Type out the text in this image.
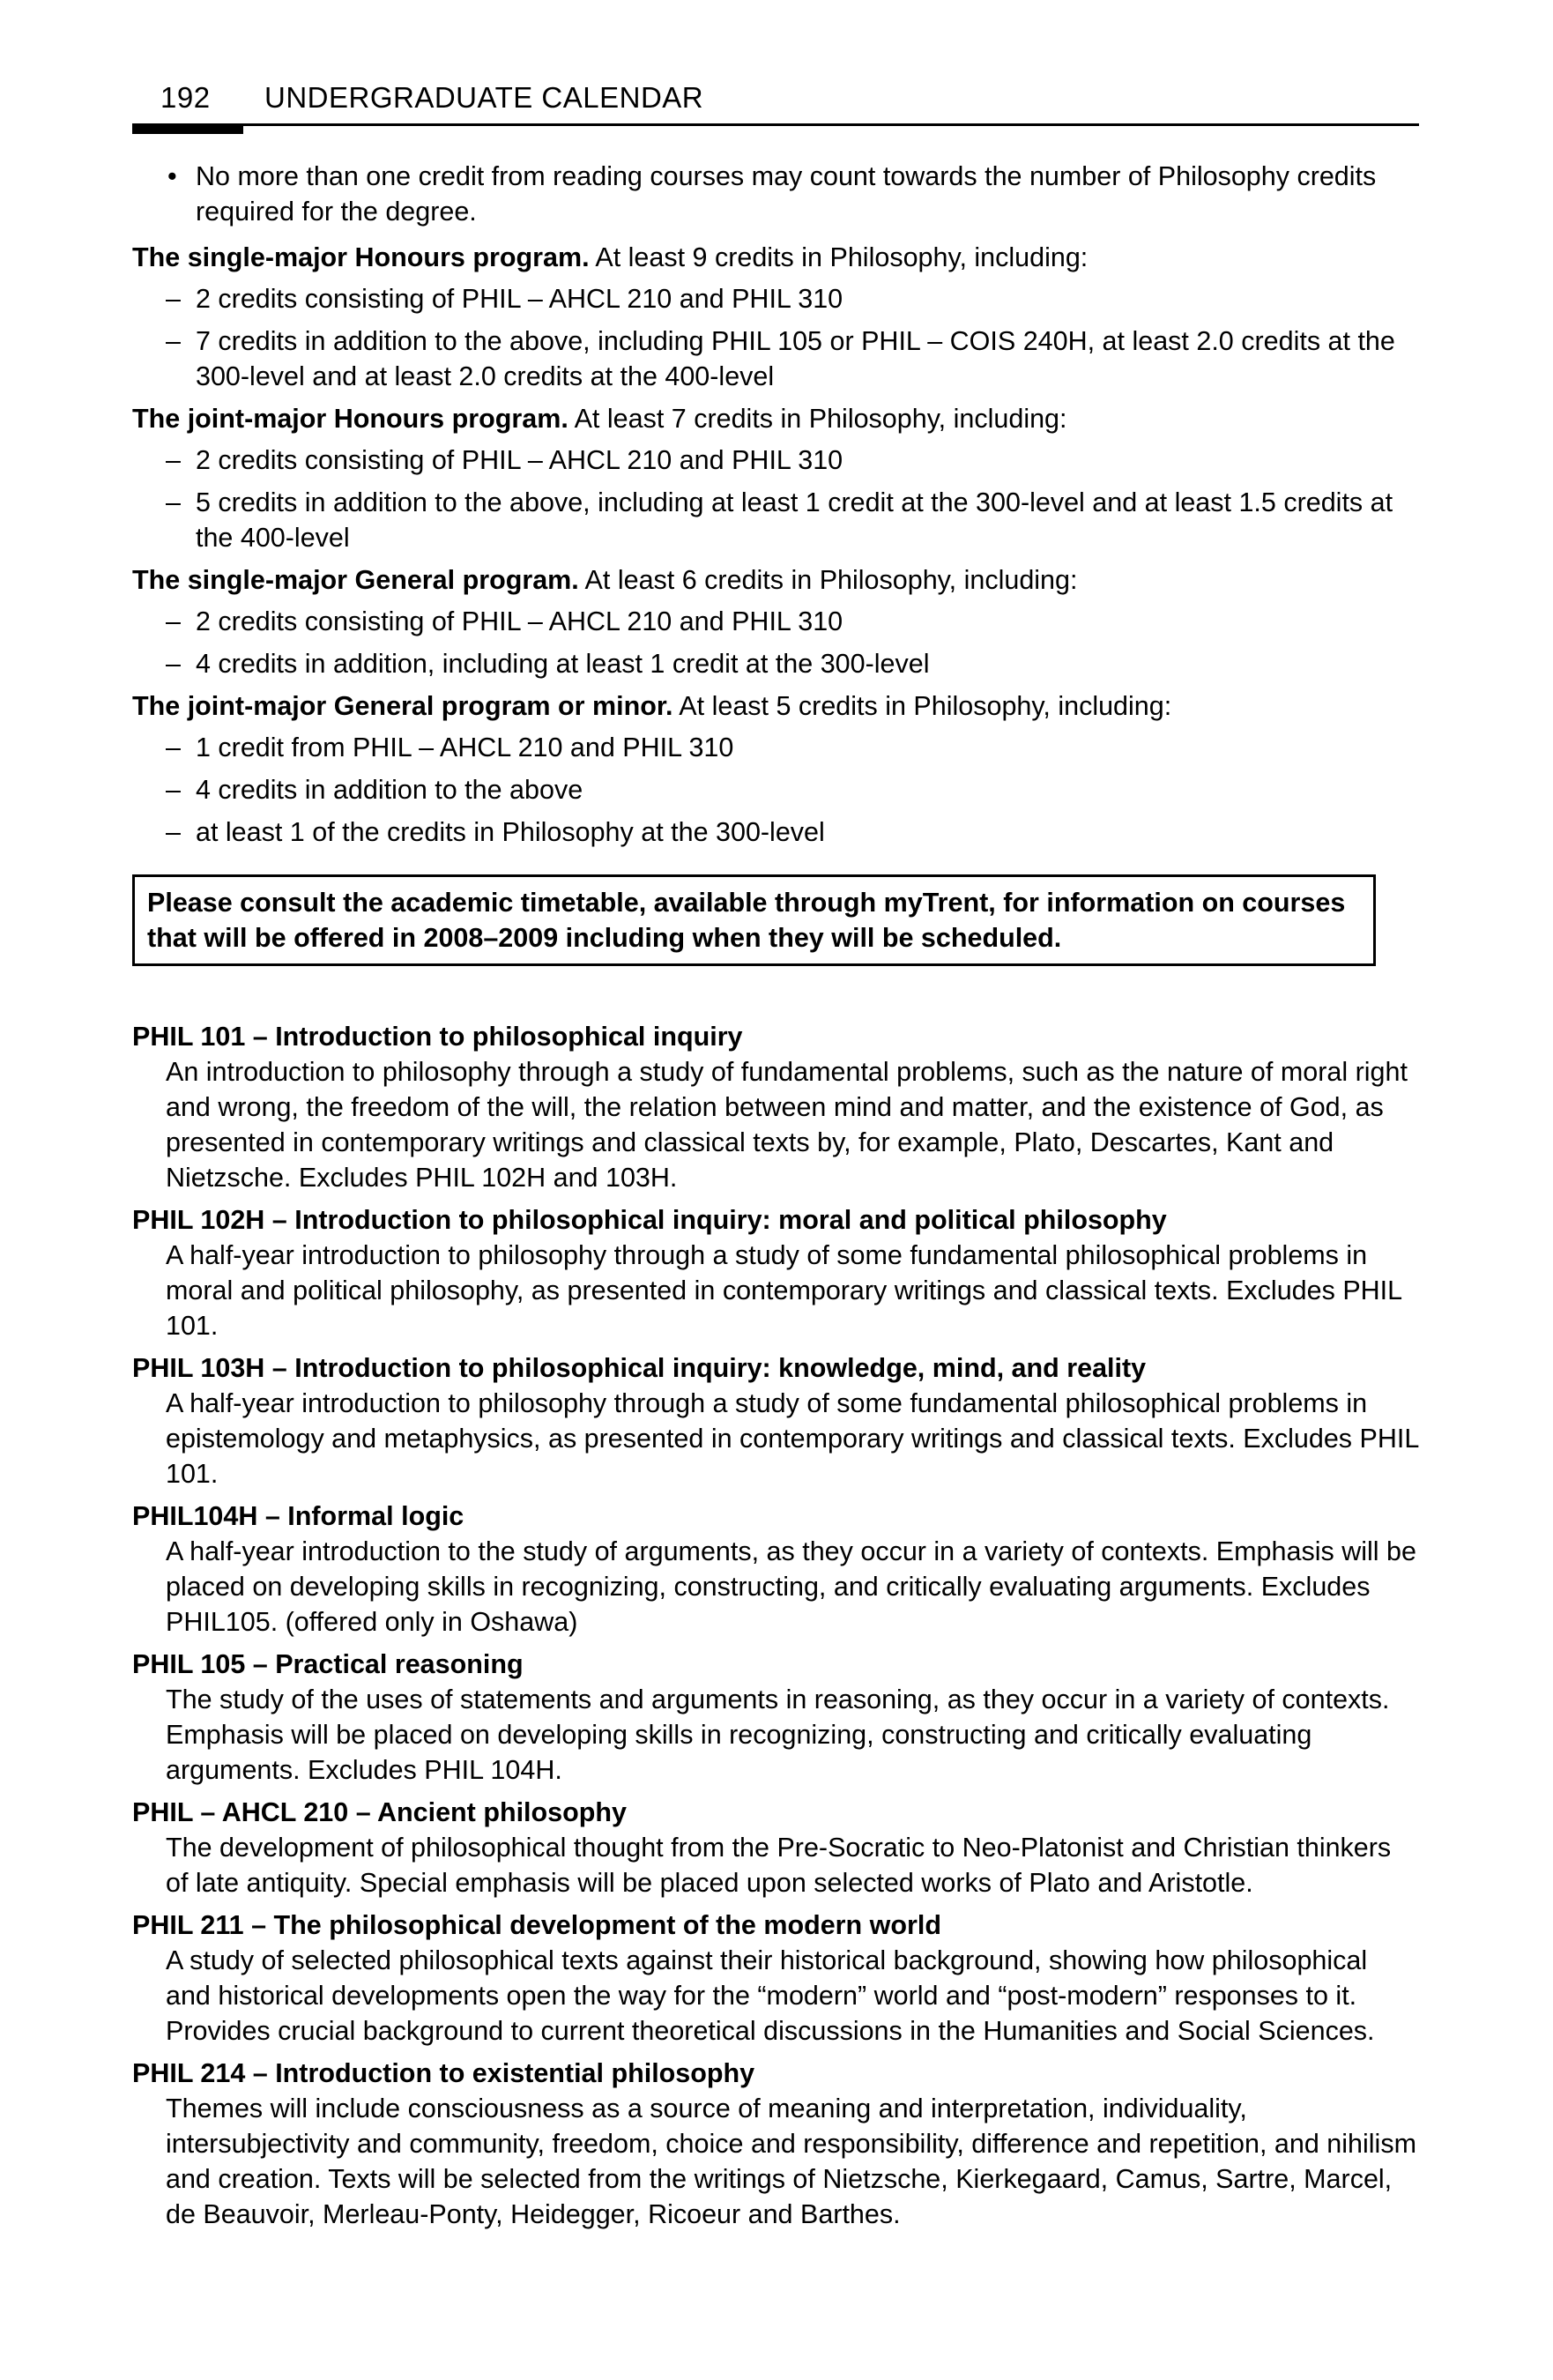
192 UNDERGRADUATE CALENDAR
• No more than one credit from reading courses may count towards the number of Philosophy credits required for the degree.

The single-major Honours program. At least 9 credits in Philosophy, including:

– 2 credits consisting of PHIL – AHCL 210 and PHIL 310
– 7 credits in addition to the above, including PHIL 105 or PHIL – COIS 240H, at least 2.0 credits at the 300-level and at least 2.0 credits at the 400-level

The joint-major Honours program. At least 7 credits in Philosophy, including:

– 2 credits consisting of PHIL – AHCL 210 and PHIL 310
– 5 credits in addition to the above, including at least 1 credit at the 300-level and at least 1.5 credits at the 400-level

The single-major General program. At least 6 credits in Philosophy, including:

– 2 credits consisting of PHIL – AHCL 210 and PHIL 310
– 4 credits in addition, including at least 1 credit at the 300-level

The joint-major General program or minor. At least 5 credits in Philosophy, including:

– 1 credit from PHIL – AHCL 210 and PHIL 310
– 4 credits in addition to the above
– at least 1 of the credits in Philosophy at the 300-level
Please consult the academic timetable, available through myTrent, for information on courses that will be offered in 2008–2009 including when they will be scheduled.

PHIL 101 – Introduction to philosophical inquiry

An introduction to philosophy through a study of fundamental problems, such as the nature of moral right and wrong, the freedom of the will, the relation between mind and matter, and the existence of God, as presented in contemporary writings and classical texts by, for example, Plato, Descartes, Kant and Nietzsche. Excludes PHIL 102H and 103H.

PHIL 102H – Introduction to philosophical inquiry: moral and political philosophy

A half-year introduction to philosophy through a study of some fundamental philosophical problems in moral and political philosophy, as presented in contemporary writings and classical texts. Excludes PHIL 101.

PHIL 103H – Introduction to philosophical inquiry: knowledge, mind, and reality

A half-year introduction to philosophy through a study of some fundamental philosophical problems in epistemology and metaphysics, as presented in contemporary writings and classical texts. Excludes PHIL 101.

PHIL104H – Informal logic

A half-year introduction to the study of arguments, as they occur in a variety of contexts. Emphasis will be placed on developing skills in recognizing, constructing, and critically evaluating arguments. Excludes PHIL105. (offered only in Oshawa)

PHIL 105 – Practical reasoning

The study of the uses of statements and arguments in reasoning, as they occur in a variety of contexts. Emphasis will be placed on developing skills in recognizing, constructing and critically evaluating arguments. Excludes PHIL 104H.

PHIL – AHCL 210 – Ancient philosophy

The development of philosophical thought from the Pre-Socratic to Neo-Platonist and Christian thinkers of late antiquity. Special emphasis will be placed upon selected works of Plato and Aristotle.

PHIL 211 – The philosophical development of the modern world

A study of selected philosophical texts against their historical background, showing how philosophical and historical developments open the way for the “modern” world and “post-modern” responses to it. Provides crucial background to current theoretical discussions in the Humanities and Social Sciences.

PHIL 214 – Introduction to existential philosophy

Themes will include consciousness as a source of meaning and interpretation, individuality, intersubjectivity and community, freedom, choice and responsibility, difference and repetition, and nihilism and creation. Texts will be selected from the writings of Nietzsche, Kierkegaard, Camus, Sartre, Marcel, de Beauvoir, Merleau-Ponty, Heidegger, Ricoeur and Barthes.
